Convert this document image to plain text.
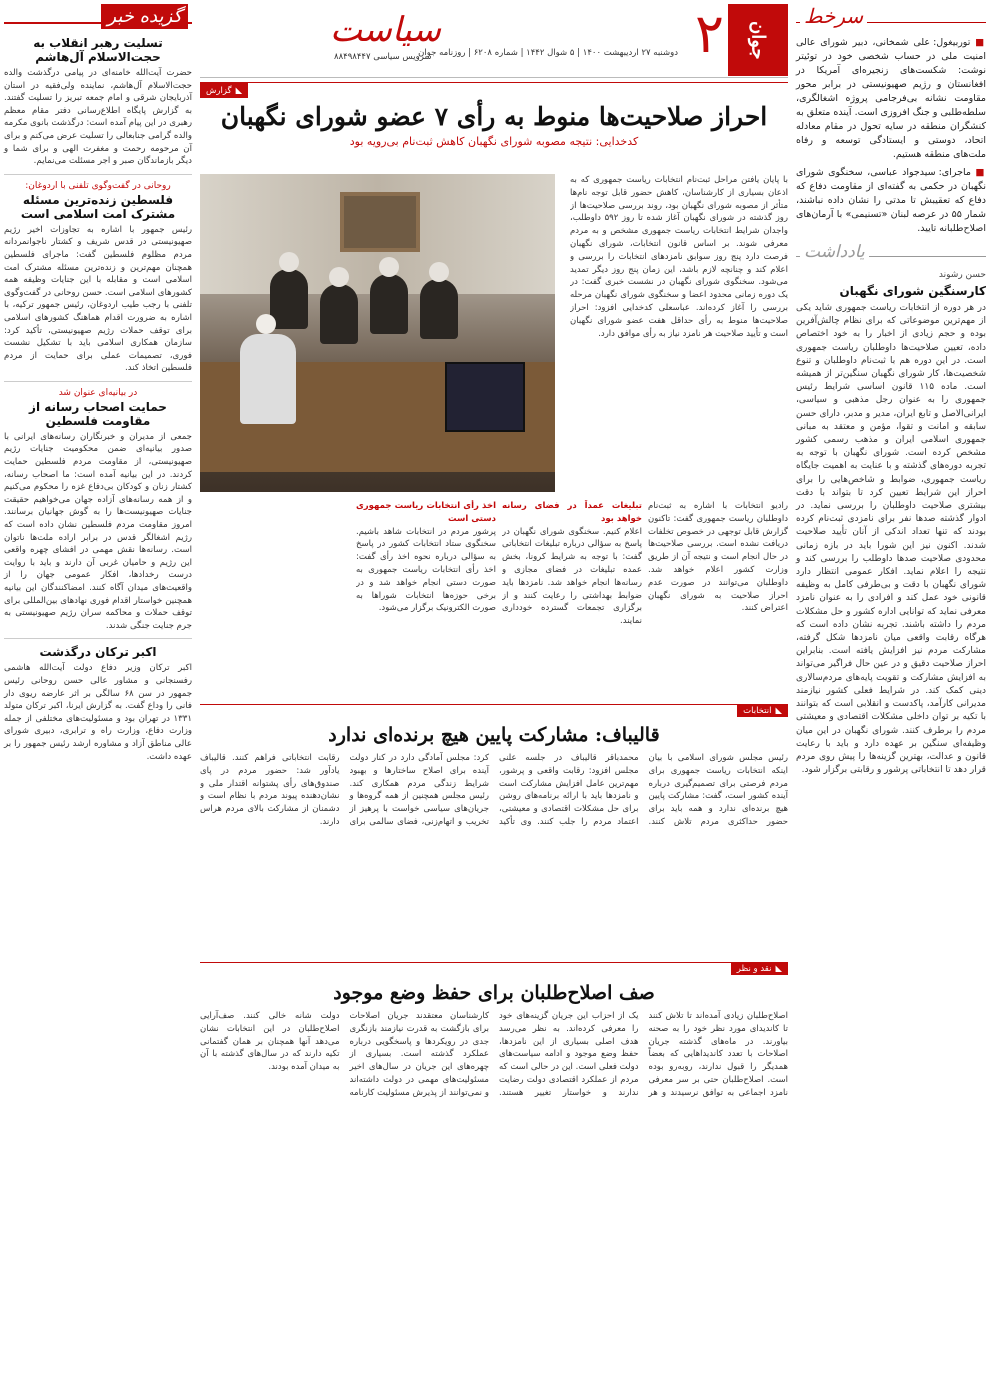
سرخط
■ توربیغول: علی شمخانی، دبیر شورای عالی امنیت ملی در حساب شخصی خود در توئیتر نوشت: شکست‌های زنجیره‌ای آمریکا در افغانستان و رژیم صهیونیستی در برابر محور مقاومت نشانه بی‌فرجامی پروژه اشغالگری، سلطه‌طلبی و جنگ افروزی است. آینده متعلق به کنشگران منطقه در سایه تحول در مقام معادله اتحاد، دوستی و ایستادگی توسعه و رفاه ملت‌های منطقه هستیم.
■ ماجرای: سیدجواد عباسی، سخنگوی شورای نگهبان در حکمی به گفته‌ای از مقاومت دفاع که دفاع که تعقیبش تا مدتی را نشان داده نباشند، شمار ۵۵ در عرصه لبنان «تسنیمی» با آرمان‌های اصلاح‌طلبانه تایید.
یادداشت
حسن رشوند
کارسنگین شورای نگهبان
در هر دوره از انتخابات ریاست جمهوری شاید یکی از مهم‌ترین موضوعاتی که برای نظام چالش‌آفرین بوده و حجم زیادی از اخبار را به خود اختصاص داده، تعیین صلاحیت‌ها داوطلبان ریاست جمهوری است. در این دوره هم با ثبت‌نام داوطلبان و تنوع شخصیت‌ها، کار شورای نگهبان سنگین‌تر از همیشه است. ماده ۱۱۵ قانون اساسی شرایط رئیس جمهوری را به عنوان رجل مذهبی و سیاسی، ایرانی‌الاصل و تابع ایران، مدیر و مدبر، دارای حسن سابقه و امانت و تقوا، مؤمن و معتقد به مبانی جمهوری اسلامی ایران و مذهب رسمی کشور مشخص کرده است. شورای نگهبان با توجه به تجربه دوره‌های گذشته و با عنایت به اهمیت جایگاه ریاست جمهوری، ضوابط و شاخص‌هایی را برای احراز این شرایط تعیین کرد تا بتواند با دقت بیشتری صلاحیت داوطلبان را بررسی نماید. در ادوار گذشته صدها نفر برای نامزدی ثبت‌نام کرده بودند که تنها تعداد اندکی از آنان تأیید صلاحیت شدند. اکنون نیز این شورا باید در بازه زمانی محدودی صلاحیت صدها داوطلب را بررسی کند و نتیجه را اعلام نماید. افکار عمومی انتظار دارد شورای نگهبان با دقت و بی‌طرفی کامل به وظیفه قانونی خود عمل کند و افرادی را به عنوان نامزد معرفی نماید که توانایی اداره کشور و حل مشکلات مردم را داشته باشند. تجربه نشان داده است که هرگاه رقابت واقعی میان نامزدها شکل گرفته، مشارکت مردم نیز افزایش یافته است. بنابراین احراز صلاحیت دقیق و در عین حال فراگیر می‌تواند به افزایش مشارکت و تقویت پایه‌های مردم‌سالاری دینی کمک کند. در شرایط فعلی کشور نیازمند مدیرانی کارآمد، پاکدست و انقلابی است که بتوانند با تکیه بر توان داخلی مشکلات اقتصادی و معیشتی مردم را برطرف کنند. شورای نگهبان در این میان وظیفه‌ای سنگین بر عهده دارد و باید با رعایت قانون و عدالت، بهترین گزینه‌ها را پیش روی مردم قرار دهد تا انتخاباتی پرشور و رقابتی برگزار شود.
جوان
۲
سیاست
سرویس سیاسی ۸۸۴۹۸۴۴۷
دوشنبه ۲۷ اردیبهشت ۱۴۰۰ | ۵ شوال ۱۴۴۲ | شماره ۶۲۰۸ | روزنامه جوان
◣
گزارش
احراز صلاحیت‌ها منوط به رأی ۷ عضو شورای نگهبان
کدخدایی: نتیجه مصوبه شورای نگهبان کاهش ثبت‌نام بی‌رویه بود
با پایان یافتن مراحل ثبت‌نام انتخابات ریاست جمهوری که به اذعان بسیاری از کارشناسان، کاهش حضور قابل توجه نام‌ها متأثر از مصوبه شورای نگهبان بود، روند بررسی صلاحیت‌ها از روز گذشته در شورای نگهبان آغاز شده تا روز ۵۹۲ داوطلب، واجدان شرایط انتخابات ریاست جمهوری مشخص و به مردم معرفی شوند. بر اساس قانون انتخابات، شورای نگهبان فرصت دارد پنج روز سوابق نامزدهای انتخابات را بررسی و اعلام کند و چنانچه لازم باشد، این زمان پنج روز دیگر تمدید می‌شود. سخنگوی شورای نگهبان در نشست خبری گفت: در یک دوره زمانی محدود اعضا و سخنگوی شورای نگهبان مرحله بررسی را آغاز کرده‌اند. عباسعلی کدخدایی افزود: احراز صلاحیت‌ها منوط به رأی حداقل هفت عضو شورای نگهبان است و تأیید صلاحیت هر نامزد نیاز به رأی موافق دارد.
رادیو انتخابات با اشاره به ثبت‌نام داوطلبان ریاست جمهوری گفت: تاکنون گزارش قابل توجهی در خصوص تخلفات دریافت نشده است. بررسی صلاحیت‌ها در حال انجام است و نتیجه آن از طریق وزارت کشور اعلام خواهد شد. داوطلبان می‌توانند در صورت عدم احراز صلاحیت به شورای نگهبان اعتراض کنند.
تبلیغات عمداً در فضای رسانه خواهد بود
اعلام کنیم. سخنگوی شورای نگهبان در پاسخ به سؤالی درباره تبلیغات انتخاباتی گفت: با توجه به شرایط کرونا، بخش عمده تبلیغات در فضای مجازی و رسانه‌ها انجام خواهد شد. نامزدها باید ضوابط بهداشتی را رعایت کنند و از برگزاری تجمعات گسترده خودداری نمایند.
اخذ رأی انتخابات ریاست جمهوری دستی است
پرشور مردم در انتخابات شاهد باشیم. سخنگوی ستاد انتخابات کشور در پاسخ به سؤالی درباره نحوه اخذ رأی گفت: اخذ رأی انتخابات ریاست جمهوری به صورت دستی انجام خواهد شد و در برخی حوزه‌ها انتخابات شوراها به صورت الکترونیک برگزار می‌شود.
◣
انتخابات
قالیباف: مشارکت پایین هیچ برنده‌ای ندارد
رئیس مجلس شورای اسلامی با بیان اینکه انتخابات ریاست جمهوری برای مردم فرصتی برای تصمیم‌گیری درباره آینده کشور است، گفت: مشارکت پایین هیچ برنده‌ای ندارد و همه باید برای حضور حداکثری مردم تلاش کنند. محمدباقر قالیباف در جلسه علنی مجلس افزود: رقابت واقعی و پرشور، مهم‌ترین عامل افزایش مشارکت است و نامزدها باید با ارائه برنامه‌های روشن برای حل مشکلات اقتصادی و معیشتی، اعتماد مردم را جلب کنند. وی تأکید کرد: مجلس آمادگی دارد در کنار دولت آینده برای اصلاح ساختارها و بهبود شرایط زندگی مردم همکاری کند. رئیس مجلس همچنین از همه گروه‌ها و جریان‌های سیاسی خواست با پرهیز از تخریب و اتهام‌زنی، فضای سالمی برای رقابت انتخاباتی فراهم کنند. قالیباف یادآور شد: حضور مردم در پای صندوق‌های رأی پشتوانه اقتدار ملی و نشان‌دهنده پیوند مردم با نظام است و دشمنان از مشارکت بالای مردم هراس دارند.
◣
نقد و نظر
صف اصلاح‌طلبان برای حفظ وضع موجود
اصلاح‌طلبان زیادی آمده‌اند تا تلاش کنند تا کاندیدای مورد نظر خود را به صحنه بیاورند. در ماه‌های گذشته جریان اصلاحات با تعدد کاندیداهایی که بعضاً همدیگر را قبول ندارند، روبه‌رو بوده است. اصلاح‌طلبان حتی بر سر معرفی نامزد اجماعی به توافق نرسیدند و هر یک از احزاب این جریان گزینه‌های خود را معرفی کرده‌اند. به نظر می‌رسد هدف اصلی بسیاری از این نامزدها، حفظ وضع موجود و ادامه سیاست‌های دولت فعلی است. این در حالی است که مردم از عملکرد اقتصادی دولت رضایت ندارند و خواستار تغییر هستند. کارشناسان معتقدند جریان اصلاحات برای بازگشت به قدرت نیازمند بازنگری جدی در رویکردها و پاسخگویی درباره عملکرد گذشته است. بسیاری از چهره‌های این جریان در سال‌های اخیر مسئولیت‌های مهمی در دولت داشته‌اند و نمی‌توانند از پذیرش مسئولیت کارنامه دولت شانه خالی کنند. صف‌آرایی اصلاح‌طلبان در این انتخابات نشان می‌دهد آنها همچنان بر همان گفتمانی تکیه دارند که در سال‌های گذشته با آن به میدان آمده بودند.
گزیده خبر
تسلیت رهبر انقلاب به حجت‌الاسلام آل‌هاشم
حضرت آیت‌الله خامنه‌ای در پیامی درگذشت والده حجت‌الاسلام آل‌هاشم، نماینده ولی‌فقیه در استان آذربایجان شرقی و امام جمعه تبریز را تسلیت گفتند. به گزارش پایگاه اطلاع‌رسانی دفتر مقام معظم رهبری در این پیام آمده است: درگذشت بانوی مکرمه والده گرامی جنابعالی را تسلیت عرض می‌کنم و برای آن مرحومه رحمت و مغفرت الهی و برای شما و دیگر بازماندگان صبر و اجر مسئلت می‌نمایم.
روحانی در گفت‌وگوی تلفنی با اردوغان:
فلسطین زنده‌ترین مسئله مشترک امت اسلامی است
رئیس جمهور با اشاره به تجاوزات اخیر رژیم صهیونیستی در قدس شریف و کشتار ناجوانمردانه مردم مظلوم فلسطین گفت: ماجرای فلسطین همچنان مهم‌ترین و زنده‌ترین مسئله مشترک امت اسلامی است و مقابله با این جنایات وظیفه همه کشورهای اسلامی است. حسن روحانی در گفت‌وگوی تلفنی با رجب طیب اردوغان، رئیس جمهور ترکیه، با اشاره به ضرورت اقدام هماهنگ کشورهای اسلامی برای توقف حملات رژیم صهیونیستی، تأکید کرد: سازمان همکاری اسلامی باید با تشکیل نشست فوری، تصمیمات عملی برای حمایت از مردم فلسطین اتخاذ کند.
در بیانیه‌ای عنوان شد
حمایت اصحاب رسانه از مقاومت فلسطین
جمعی از مدیران و خبرنگاران رسانه‌های ایرانی با صدور بیانیه‌ای ضمن محکومیت جنایات رژیم صهیونیستی، از مقاومت مردم فلسطین حمایت کردند. در این بیانیه آمده است: ما اصحاب رسانه، کشتار زنان و کودکان بی‌دفاع غزه را محکوم می‌کنیم و از همه رسانه‌های آزاده جهان می‌خواهیم حقیقت جنایات صهیونیست‌ها را به گوش جهانیان برسانند. امروز مقاومت مردم فلسطین نشان داده است که رژیم اشغالگر قدس در برابر اراده ملت‌ها ناتوان است. رسانه‌ها نقش مهمی در افشای چهره واقعی این رژیم و حامیان غربی آن دارند و باید با روایت درست رخدادها، افکار عمومی جهان را از واقعیت‌های میدان آگاه کنند. امضاکنندگان این بیانیه همچنین خواستار اقدام فوری نهادهای بین‌المللی برای توقف حملات و محاکمه سران رژیم صهیونیستی به جرم جنایت جنگی شدند.
اکبر ترکان درگذشت
اکبر ترکان وزیر دفاع دولت آیت‌الله هاشمی رفسنجانی و مشاور عالی حسن روحانی رئیس جمهور در سن ۶۸ سالگی بر اثر عارضه ریوی دار فانی را وداع گفت. به گزارش ایرنا، اکبر ترکان متولد ۱۳۳۱ در تهران بود و مسئولیت‌های مختلفی از جمله وزارت دفاع، وزارت راه و ترابری، دبیری شورای عالی مناطق آزاد و مشاوره ارشد رئیس جمهور را بر عهده داشت.
